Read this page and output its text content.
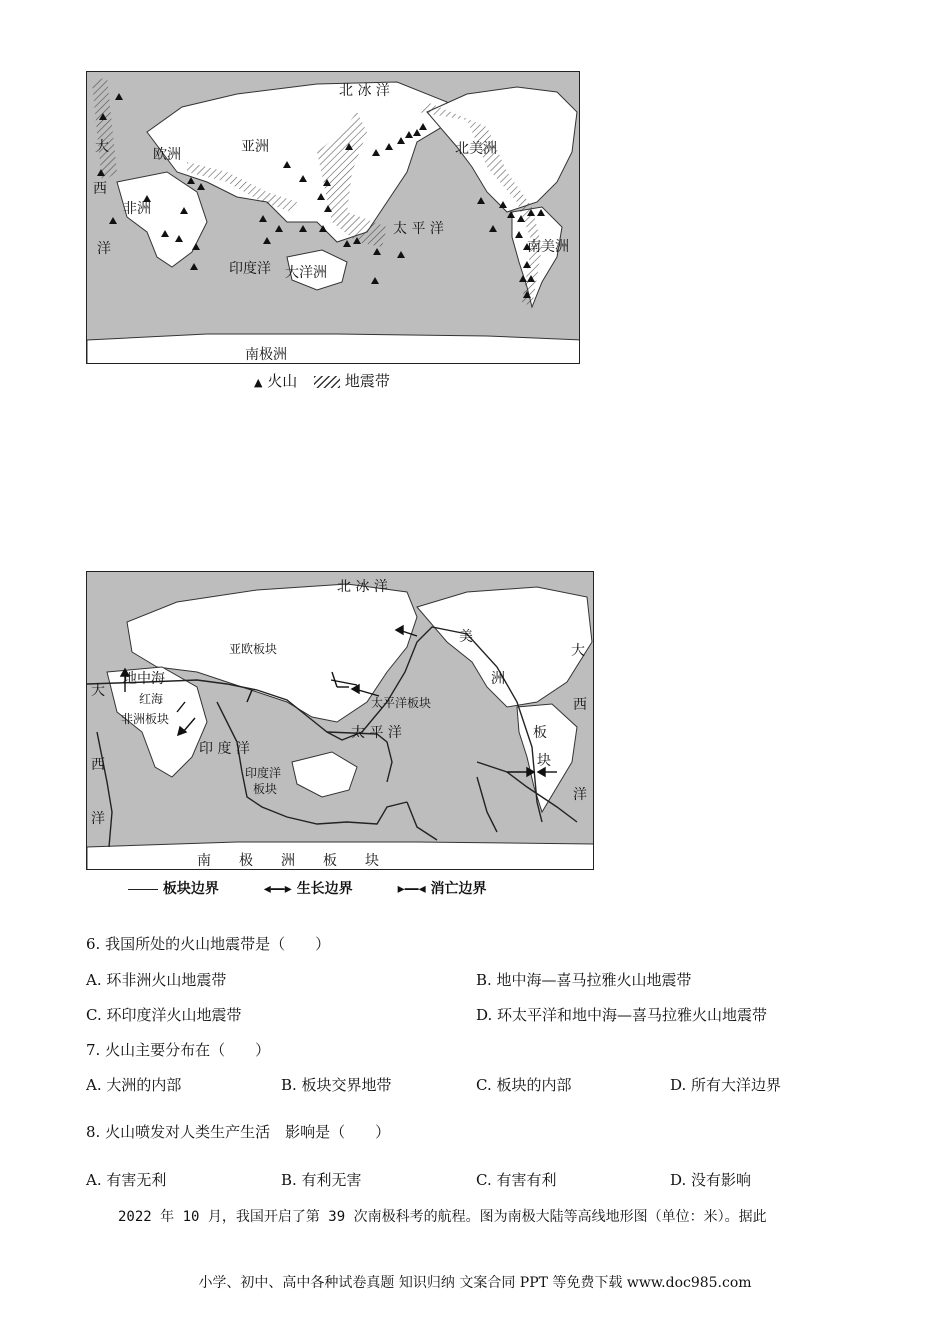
北 冰 洋
欧洲	亚洲	北美洲
非洲
太 平 洋
印度洋 大洋洲
南美洲
南极洲
大
西
洋
▲ 火山	地震带
北 冰 洋
亚欧板块
地中海
红海
非洲板块
印 度 洋
太平洋板块
太 平 洋
印度洋
板块
美
洲
板
块
大
西
洋
大
西
洋
南　　极　　洲　　板　　块
板块边界	◂―▸ 生长边界	▸―◂ 消亡边界
6. 我国所处的火山地震带是（　　）
A. 环非洲火山地震带	B. 地中海—喜马拉雅火山地震带
C. 环印度洋火山地震带	D. 环太平洋和地中海—喜马拉雅火山地震带
7. 火山主要分布在（　　）
A. 大洲的内部	B. 板块交界地带	C. 板块的内部	D. 所有大洋边界
8. 火山喷发对人类生产生活　影响是（　　）
A. 有害无利	B. 有利无害	C. 有害有利	D. 没有影响
2022 年 10 月，我国开启了第 39 次南极科考的航程。图为南极大陆等高线地形图（单位：米）。据此
小学、初中、高中各种试卷真题 知识归纳 文案合同 PPT 等免费下载 www.doc985.com
